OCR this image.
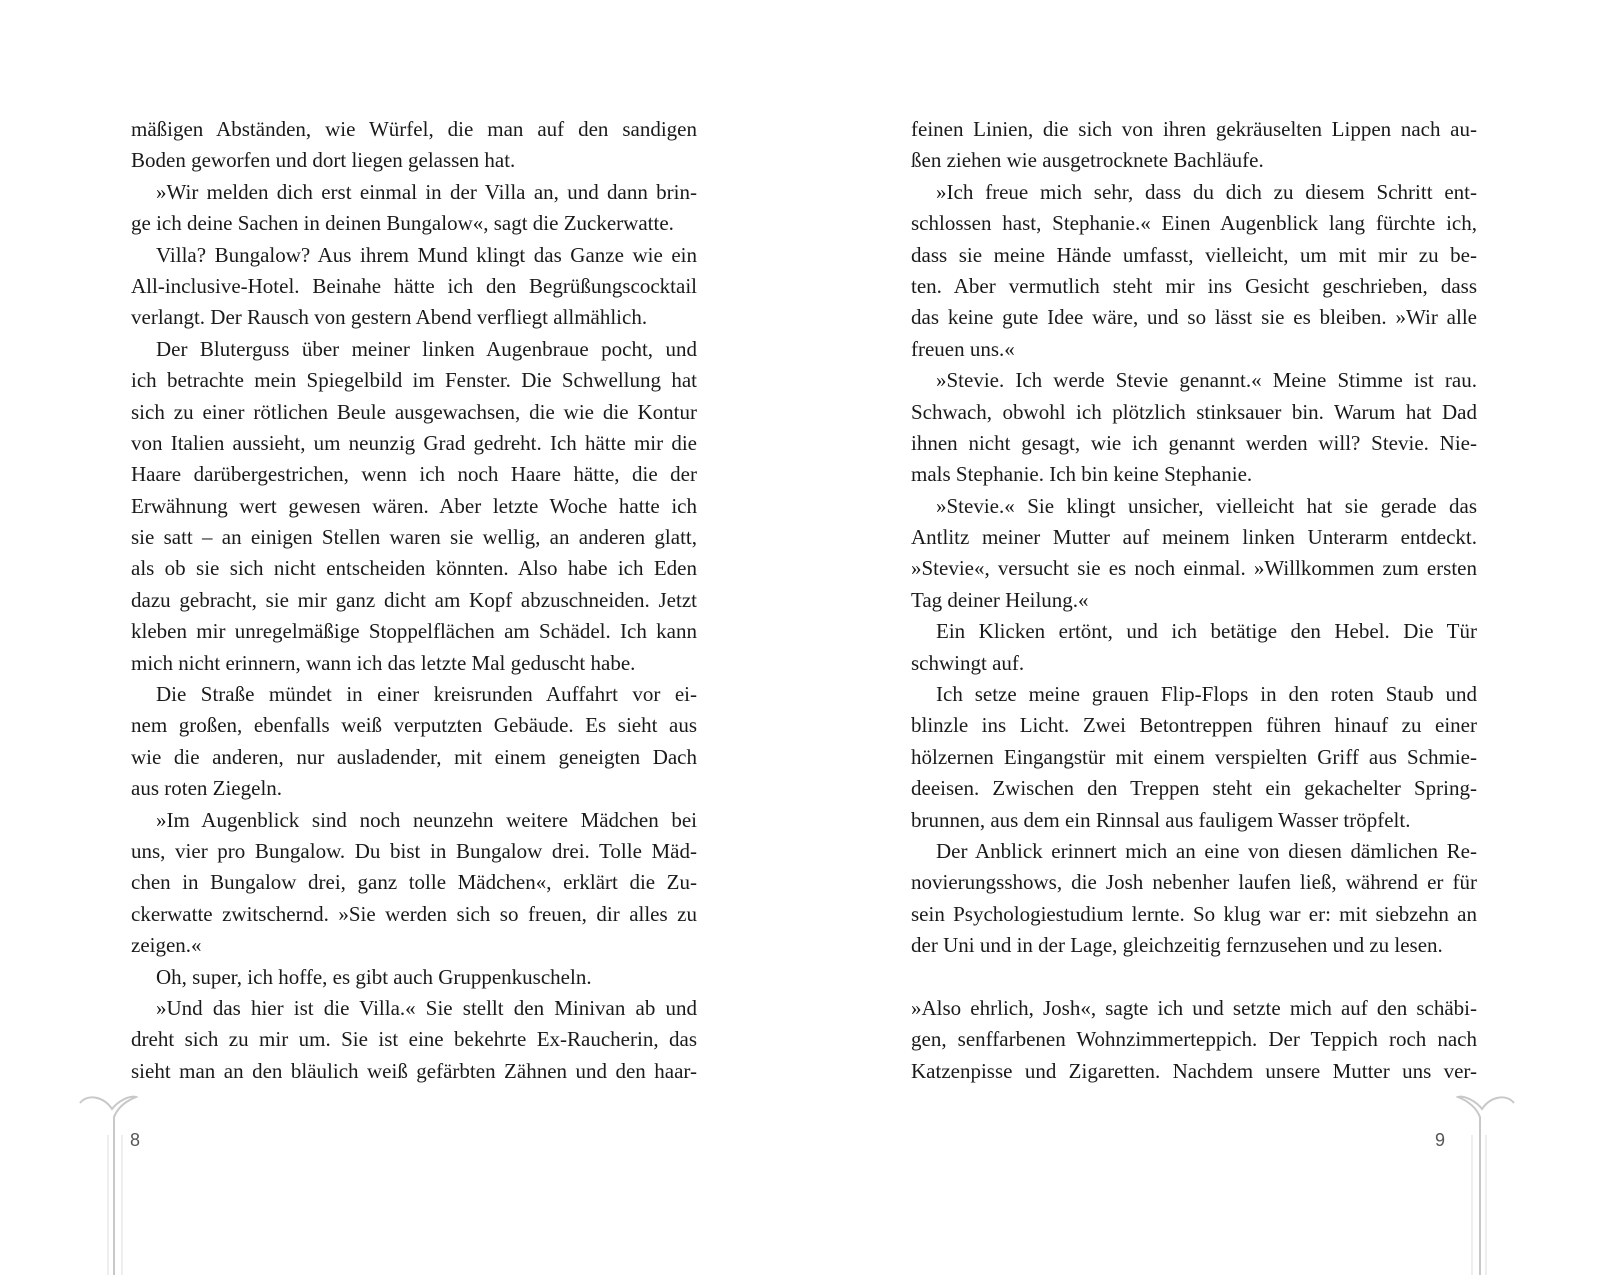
mäßigen Abständen, wie Würfel, die man auf den sandigen
Boden geworfen und dort liegen gelassen hat.
»Wir melden dich erst einmal in der Villa an, und dann brin-
ge ich deine Sachen in deinen Bungalow«, sagt die Zuckerwatte.
Villa? Bungalow? Aus ihrem Mund klingt das Ganze wie ein
All-inclusive-Hotel. Beinahe hätte ich den Begrüßungscocktail
verlangt. Der Rausch von gestern Abend verfliegt allmählich.
Der Bluterguss über meiner linken Augenbraue pocht, und
ich betrachte mein Spiegelbild im Fenster. Die Schwellung hat
sich zu einer rötlichen Beule ausgewachsen, die wie die Kontur
von Italien aussieht, um neunzig Grad gedreht. Ich hätte mir die
Haare darübergestrichen, wenn ich noch Haare hätte, die der
Erwähnung wert gewesen wären. Aber letzte Woche hatte ich
sie satt – an einigen Stellen waren sie wellig, an anderen glatt,
als ob sie sich nicht entscheiden könnten. Also habe ich Eden
dazu gebracht, sie mir ganz dicht am Kopf abzuschneiden. Jetzt
kleben mir unregelmäßige Stoppelflächen am Schädel. Ich kann
mich nicht erinnern, wann ich das letzte Mal geduscht habe.
Die Straße mündet in einer kreisrunden Auffahrt vor ei-
nem großen, ebenfalls weiß verputzten Gebäude. Es sieht aus
wie die anderen, nur ausladender, mit einem geneigten Dach
aus roten Ziegeln.
»Im Augenblick sind noch neunzehn weitere Mädchen bei
uns, vier pro Bungalow. Du bist in Bungalow drei. Tolle Mäd-
chen in Bungalow drei, ganz tolle Mädchen«, erklärt die Zu-
ckerwatte zwitschernd. »Sie werden sich so freuen, dir alles zu
zeigen.«
Oh, super, ich hoffe, es gibt auch Gruppenkuscheln.
»Und das hier ist die Villa.« Sie stellt den Minivan ab und
dreht sich zu mir um. Sie ist eine bekehrte Ex-Raucherin, das
sieht man an den bläulich weiß gefärbten Zähnen und den haar-
8
feinen Linien, die sich von ihren gekräuselten Lippen nach au-
ßen ziehen wie ausgetrocknete Bachläufe.
»Ich freue mich sehr, dass du dich zu diesem Schritt ent-
schlossen hast, Stephanie.« Einen Augenblick lang fürchte ich,
dass sie meine Hände umfasst, vielleicht, um mit mir zu be-
ten. Aber vermutlich steht mir ins Gesicht geschrieben, dass
das keine gute Idee wäre, und so lässt sie es bleiben. »Wir alle
freuen uns.«
»Stevie. Ich werde Stevie genannt.« Meine Stimme ist rau.
Schwach, obwohl ich plötzlich stinksauer bin. Warum hat Dad
ihnen nicht gesagt, wie ich genannt werden will? Stevie. Nie-
mals Stephanie. Ich bin keine Stephanie.
»Stevie.« Sie klingt unsicher, vielleicht hat sie gerade das
Antlitz meiner Mutter auf meinem linken Unterarm entdeckt.
»Stevie«, versucht sie es noch einmal. »Willkommen zum ersten
Tag deiner Heilung.«
Ein Klicken ertönt, und ich betätige den Hebel. Die Tür
schwingt auf.
Ich setze meine grauen Flip-Flops in den roten Staub und
blinzle ins Licht. Zwei Betontreppen führen hinauf zu einer
hölzernen Eingangstür mit einem verspielten Griff aus Schmie-
deeisen. Zwischen den Treppen steht ein gekachelter Spring-
brunnen, aus dem ein Rinnsal aus fauligem Wasser tröpfelt.
Der Anblick erinnert mich an eine von diesen dämlichen Re-
novierungsshows, die Josh nebenher laufen ließ, während er für
sein Psychologiestudium lernte. So klug war er: mit siebzehn an
der Uni und in der Lage, gleichzeitig fernzusehen und zu lesen.
»Also ehrlich, Josh«, sagte ich und setzte mich auf den schäbi-
gen, senffarbenen Wohnzimmerteppich. Der Teppich roch nach
Katzenpisse und Zigaretten. Nachdem unsere Mutter uns ver-
9
